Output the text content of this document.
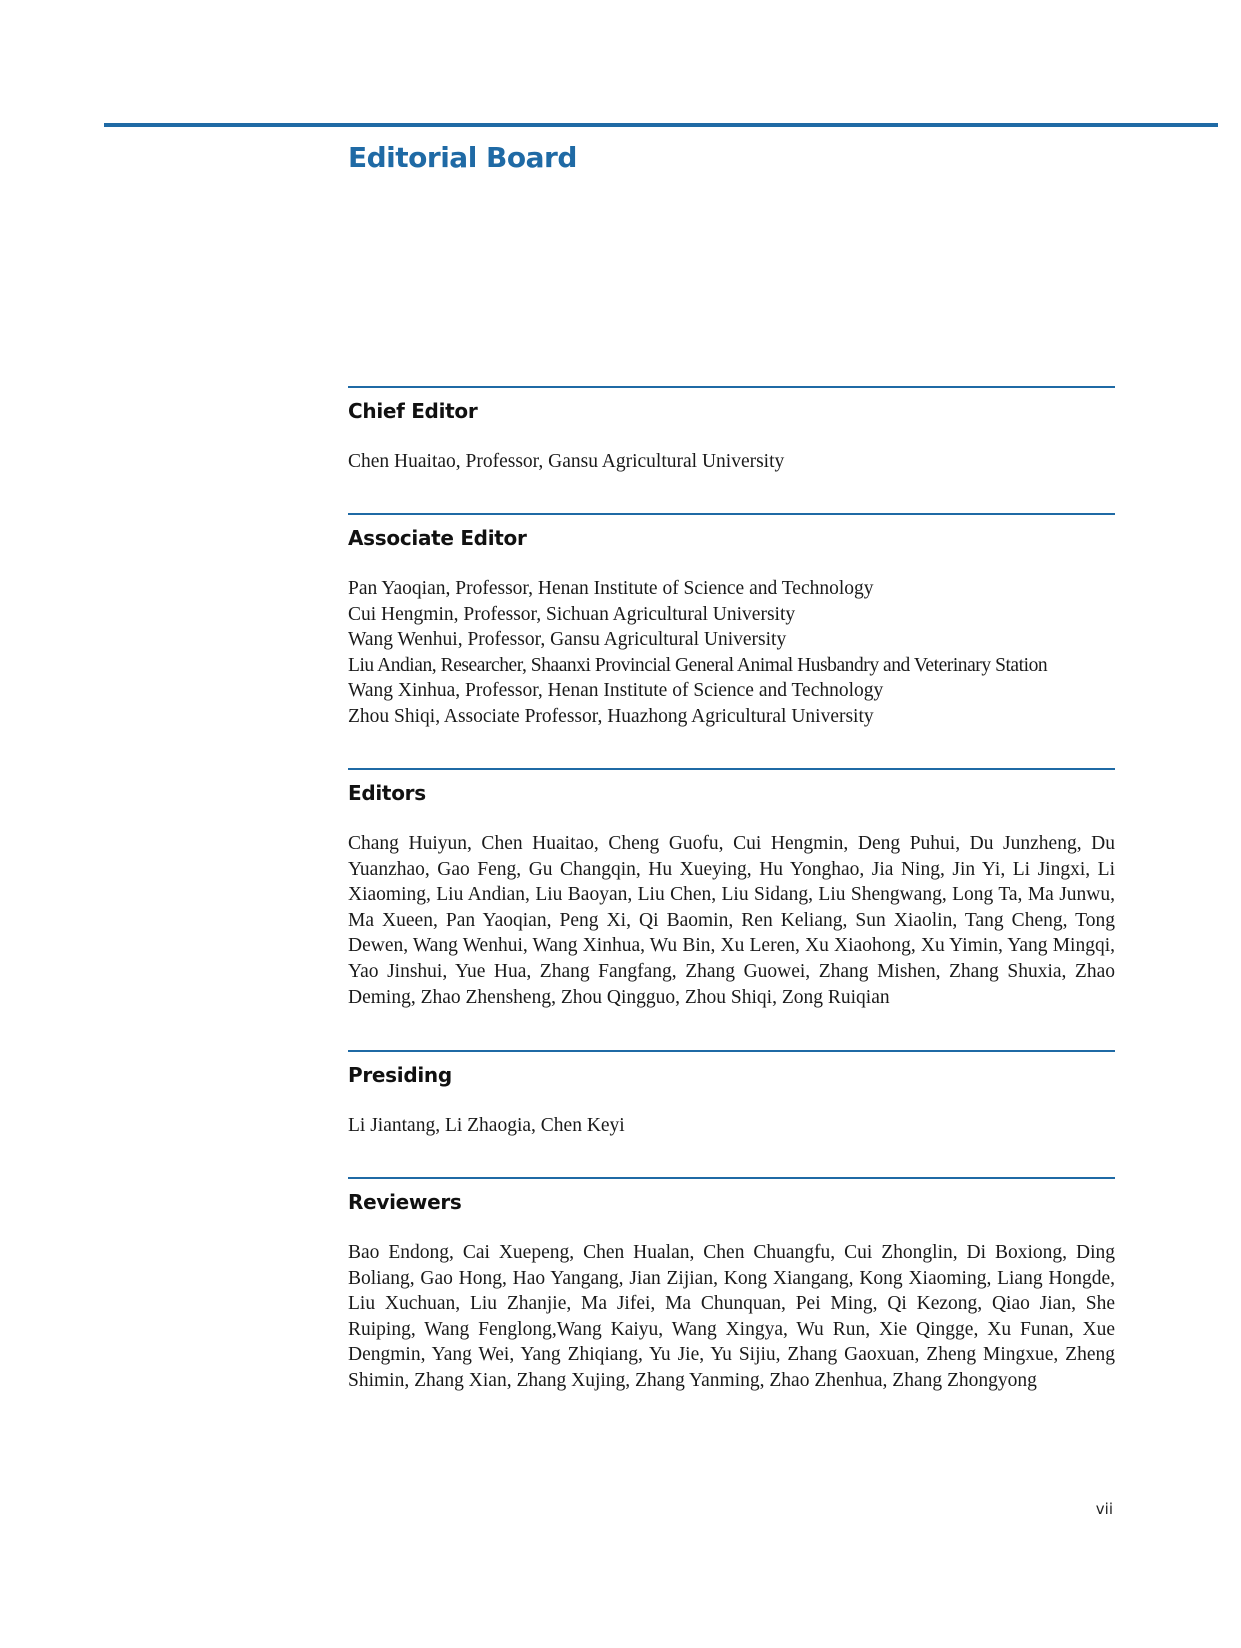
Editorial Board
Chief Editor
Chen Huaitao, Professor, Gansu Agricultural University
Associate Editor
Pan Yaoqian, Professor, Henan Institute of Science and Technology
Cui Hengmin, Professor, Sichuan Agricultural University
Wang Wenhui, Professor, Gansu Agricultural University
Liu Andian, Researcher, Shaanxi Provincial General Animal Husbandry and Veterinary Station
Wang Xinhua, Professor, Henan Institute of Science and Technology
Zhou Shiqi, Associate Professor, Huazhong Agricultural University
Editors
Chang Huiyun, Chen Huaitao, Cheng Guofu, Cui Hengmin, Deng Puhui, Du Junzheng, Du Yuanzhao, Gao Feng, Gu Changqin, Hu Xueying, Hu Yonghao, Jia Ning, Jin Yi, Li Jingxi, Li Xiaoming, Liu Andian, Liu Baoyan, Liu Chen, Liu Sidang, Liu Shengwang, Long Ta, Ma Junwu, Ma Xueen, Pan Yaoqian, Peng Xi, Qi Baomin, Ren Keliang, Sun Xiaolin, Tang Cheng, Tong Dewen, Wang Wenhui, Wang Xinhua, Wu Bin, Xu Leren, Xu Xiaohong, Xu Yimin, Yang Mingqi, Yao Jinshui, Yue Hua, Zhang Fangfang, Zhang Guowei, Zhang Mishen, Zhang Shuxia, Zhao Deming, Zhao Zhensheng, Zhou Qingguo, Zhou Shiqi, Zong Ruiqian
Presiding
Li Jiantang, Li Zhaogia, Chen Keyi
Reviewers
Bao Endong, Cai Xuepeng, Chen Hualan, Chen Chuangfu, Cui Zhonglin, Di Boxiong, Ding Boliang, Gao Hong, Hao Yangang, Jian Zijian, Kong Xiangang, Kong Xiaoming, Liang Hongde, Liu Xuchuan, Liu Zhanjie, Ma Jifei, Ma Chunquan, Pei Ming, Qi Kezong, Qiao Jian, She Ruiping, Wang Fenglong,Wang Kaiyu, Wang Xingya, Wu Run, Xie Qingge, Xu Funan, Xue Dengmin, Yang Wei, Yang Zhiqiang, Yu Jie, Yu Sijiu, Zhang Gaoxuan, Zheng Mingxue, Zheng Shimin, Zhang Xian, Zhang Xujing, Zhang Yanming, Zhao Zhenhua, Zhang Zhongyong
vii
